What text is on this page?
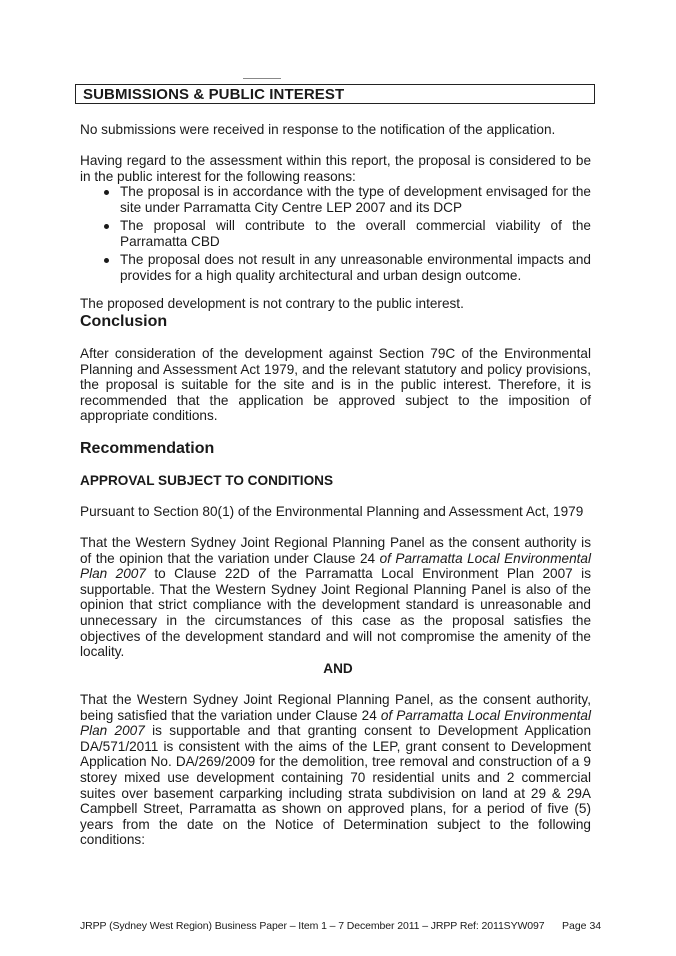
SUBMISSIONS & PUBLIC INTEREST

No submissions were received in response to the notification of the application.

Having regard to the assessment within this report, the proposal is considered to be in the public interest for the following reasons:

The proposal is in accordance with the type of development envisaged for the site under Parramatta City Centre LEP 2007 and its DCP
The proposal will contribute to the overall commercial viability of the Parramatta CBD
The proposal does not result in any unreasonable environmental impacts and provides for a high quality architectural and urban design outcome.

The proposed development is not contrary to the public interest.

Conclusion

After consideration of the development against Section 79C of the Environmental Planning and Assessment Act 1979, and the relevant statutory and policy provisions, the proposal is suitable for the site and is in the public interest. Therefore, it is recommended that the application be approved subject to the imposition of appropriate conditions.

Recommendation
APPROVAL SUBJECT TO CONDITIONS

Pursuant to Section 80(1) of the Environmental Planning and Assessment Act, 1979

That the Western Sydney Joint Regional Planning Panel as the consent authority is of the opinion that the variation under Clause 24 of Parramatta Local Environmental Plan 2007 to Clause 22D of the Parramatta Local Environment Plan 2007 is supportable. That the Western Sydney Joint Regional Planning Panel is also of the opinion that strict compliance with the development standard is unreasonable and unnecessary in the circumstances of this case as the proposal satisfies the objectives of the development standard and will not compromise the amenity of the locality.

AND

That the Western Sydney Joint Regional Planning Panel, as the consent authority, being satisfied that the variation under Clause 24 of Parramatta Local Environmental Plan 2007 is supportable and that granting consent to Development Application DA/571/2011 is consistent with the aims of the LEP, grant consent to Development Application No. DA/269/2009 for the demolition, tree removal and construction of a 9 storey mixed use development containing 70 residential units and 2 commercial suites over basement carparking including strata subdivision on land at 29 & 29A Campbell Street, Parramatta as shown on approved plans, for a period of five (5) years from the date on the Notice of Determination subject to the following conditions:

JRPP (Sydney West Region) Business Paper – Item 1 – 7 December 2011 – JRPP Ref: 2011SYW097 Page 34
